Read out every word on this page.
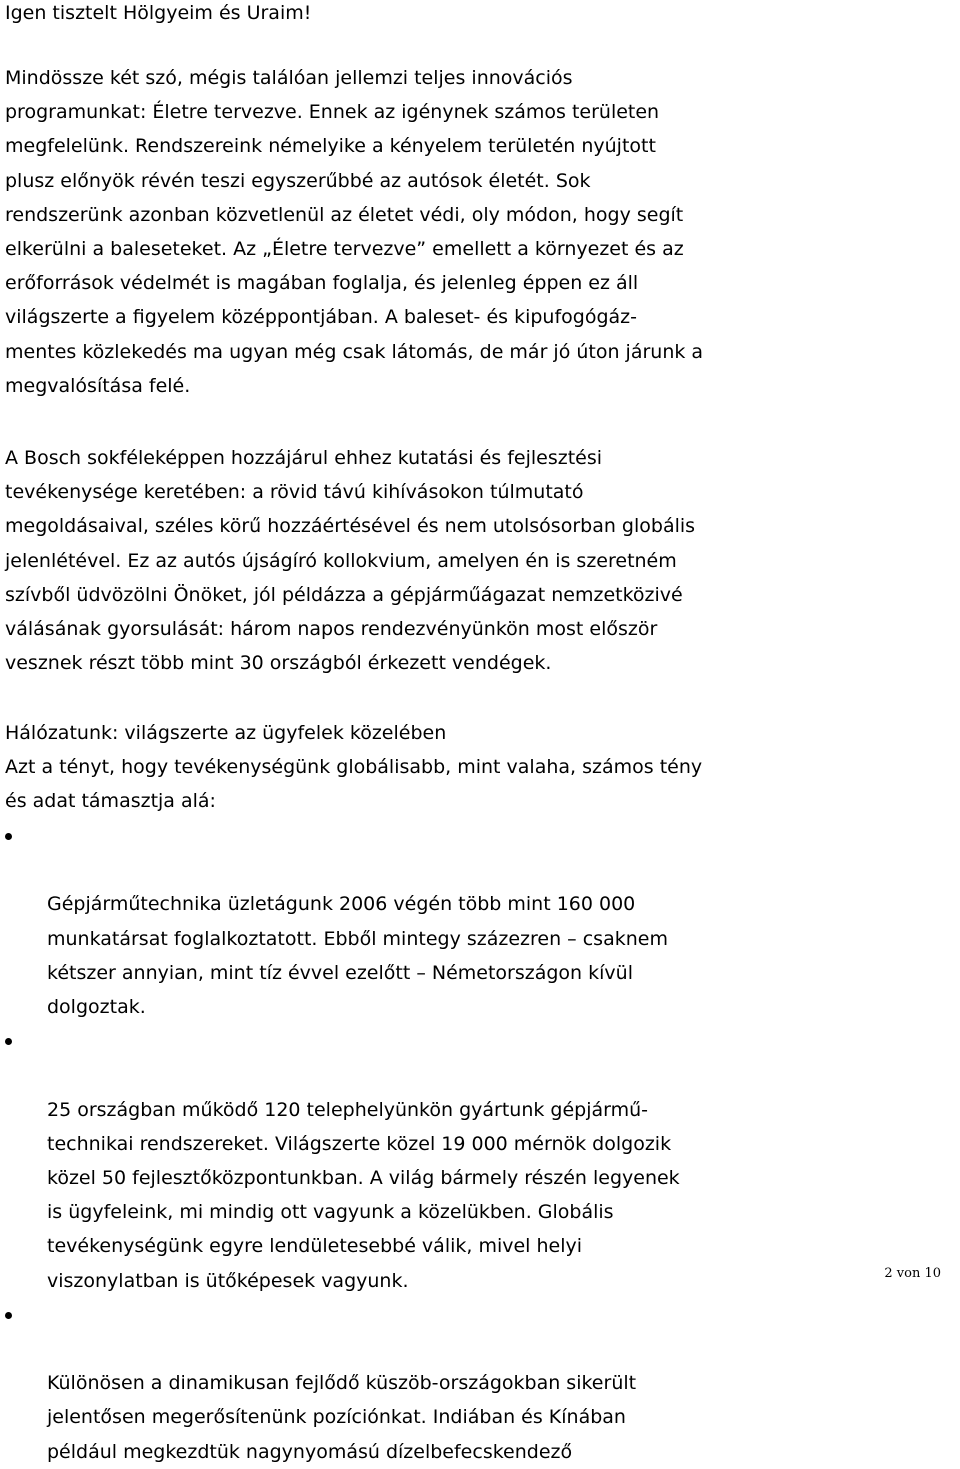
Igen tisztelt Hölgyeim és Uraim!

Mindössze két szó, mégis találóan jellemzi teljes innovációs
programunkat: Életre tervezve. Ennek az igénynek számos területen
megfelelünk. Rendszereink némelyike a kényelem területén nyújtott
plusz előnyök révén teszi egyszerűbbé az autósok életét. Sok
rendszerünk azonban közvetlenül az életet védi, oly módon, hogy segít
elkerülni a baleseteket. Az „Életre tervezve” emellett a környezet és az
erőforrások védelmét is magában foglalja, és jelenleg éppen ez áll
világszerte a figyelem középpontjában. A baleset- és kipufogógáz-
mentes közlekedés ma ugyan még csak látomás, de már jó úton járunk a
megvalósítása felé.

A Bosch sokféleképpen hozzájárul ehhez kutatási és fejlesztési
tevékenysége keretében: a rövid távú kihívásokon túlmutató
megoldásaival, széles körű hozzáértésével és nem utolsósorban globális
jelenlétével. Ez az autós újságíró kollokvium, amelyen én is szeretném
szívből üdvözölni Önöket, jól példázza a gépjárműágazat nemzetközivé
válásának gyorsulását: három napos rendezvényünkön most először
vesznek részt több mint 30 országból érkezett vendégek.

Hálózatunk: világszerte az ügyfelek közelében

Azt a tényt, hogy tevékenységünk globálisabb, mint valaha, számos tény
és adat támasztja alá:

Gépjárműtechnika üzletágunk 2006 végén több mint 160 000
munkatársat foglalkoztatott. Ebből mintegy százezren – csaknem
kétszer annyian, mint tíz évvel ezelőtt – Németországon kívül
dolgoztak.

25 országban működő 120 telephelyünkön gyártunk gépjármű-
technikai rendszereket. Világszerte közel 19 000 mérnök dolgozik
közel 50 fejlesztőközpontunkban. A világ bármely részén legyenek
is ügyfeleink, mi mindig ott vagyunk a közelükben. Globális
tevékenységünk egyre lendületesebbé válik, mivel helyi
viszonylatban is ütőképesek vagyunk.

Különösen a dinamikusan fejlődő küszöb-országokban sikerült
jelentősen megerősítenünk pozíciónkat. Indiában és Kínában
például megkezdtük nagynyomású dízelbefecskendező

2 von 10
